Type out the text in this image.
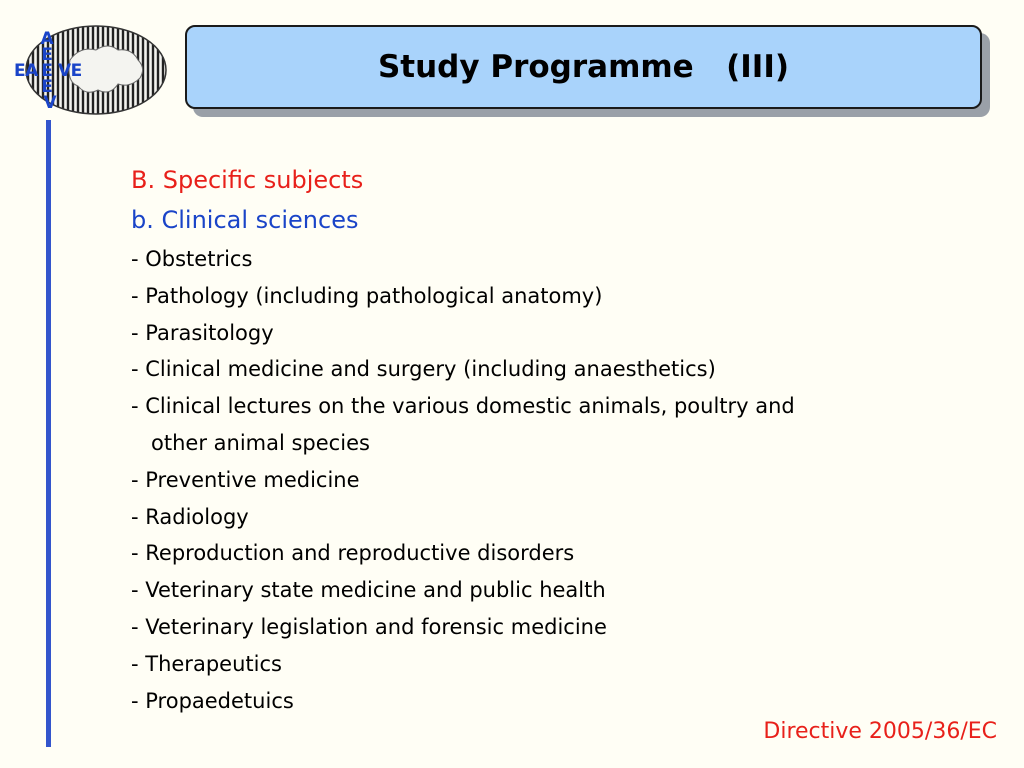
A E E E V
EA VE	Study Programme   (III)
B. Specific subjects
b. Clinical sciences
- Obstetrics
- Pathology (including pathological anatomy)
- Parasitology
- Clinical medicine and surgery (including anaesthetics)
- Clinical lectures on the various domestic animals, poultry and
other animal species
- Preventive medicine
- Radiology
- Reproduction and reproductive disorders
- Veterinary state medicine and public health
- Veterinary legislation and forensic medicine
- Therapeutics
- Propaedetuics
Directive 2005/36/EC
